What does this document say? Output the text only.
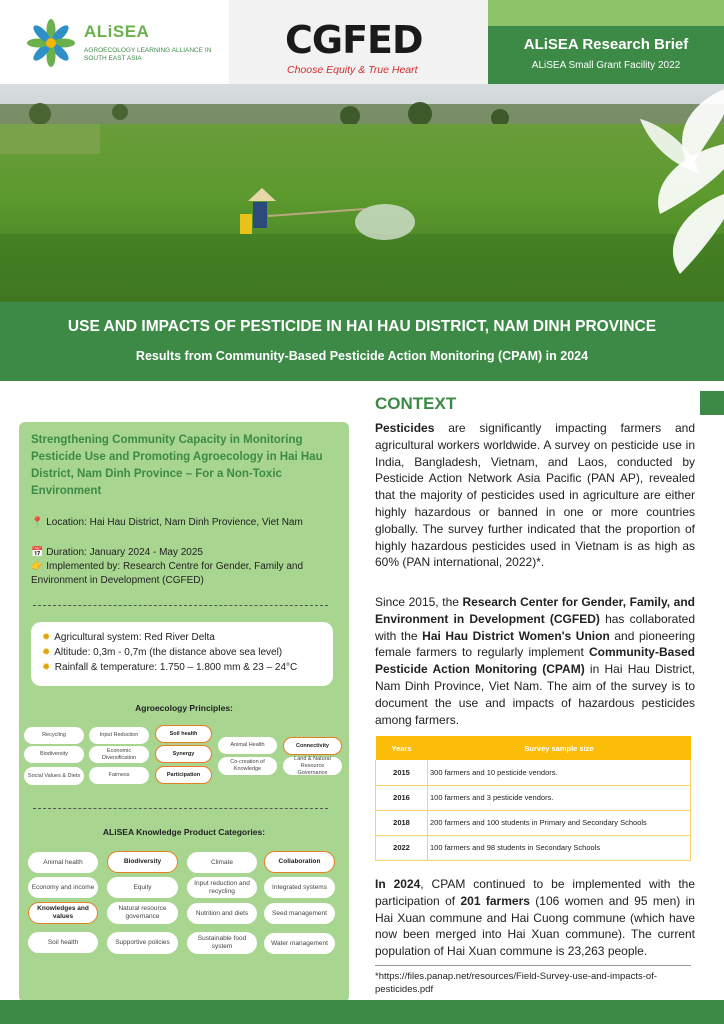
ALiSEA
AGROECOLOGY LEARNING ALLIANCE IN SOUTH EAST ASIA	CGFED
Choose Equity & True Heart
ALiSEA Research Brief
ALiSEA Small Grant Facility 2022
USE AND IMPACTS OF PESTICIDE IN HAI HAU DISTRICT, NAM DINH PROVINCE
Results from Community-Based Pesticide Action Monitoring (CPAM) in 2024
Strengthening Community Capacity in Monitoring Pesticide Use and Promoting Agroecology in Hai Hau District, Nam Dinh Province – For a Non-Toxic Environment
📍 Location: Hai Hau District, Nam Dinh Provience, Viet Nam
📅 Duration: January 2024 - May 2025
👉 Implemented by: Research Centre for Gender, Family and Environment in Development (CGFED)
✹ Agricultural system: Red River Delta
✹ Altitude: 0,3m - 0,7m (the distance above sea level)
✹ Rainfall & temperature: 1.750 – 1.800 mm & 23 – 24°C
Agroecology Principles:
Recycling	Input Reduction	Soil health
Animal Health	Connectivity
Biodiversity
Economic Diversification
Synergy
Co-creation of Knowledge
Land & Natural Resource Governance
Social Values & Diets	Fairness	Participation
ALiSEA Knowledge Product Categories:
Animal health	Biodiversity	Climate	Collaboration
Economy and income	Equity
Input reduction and recycling
Integrated systems
Knowledges and values
Natural resource governance	Nutrition and diets	Seed management
Soil health	Supportive policies
Sustainable food system	Water management
CONTEXT
Pesticides are significantly impacting farmers and agricultural workers worldwide. A survey on pesticide use in India, Bangladesh, Vietnam, and Laos, conducted by Pesticide Action Network Asia Pacific (PAN AP), revealed that the majority of pesticides used in agriculture are either highly hazardous or banned in one or more countries globally. The survey further indicated that the proportion of highly hazardous pesticides used in Vietnam is as high as 60% (PAN international, 2022)*.
Since 2015, the Research Center for Gender, Family, and Environment in Development (CGFED) has collaborated with the Hai Hau District Women's Union and pioneering female farmers to regularly implement Community-Based Pesticide Action Monitoring (CPAM) in Hai Hau District, Nam Dinh Province, Viet Nam. The aim of the survey is to document the use and impacts of hazardous pesticides among farmers.
Years	Survey sample size
2015	300 farmers and 10 pesticide vendors.
2016	100 farmers and 3 pesticide vendors.
2018	200 farmers and 100 students in Primary and Secondary Schools
2022	100 farmers and 98 students in Secondary Schools
In 2024, CPAM continued to be implemented with the participation of 201 farmers (106 women and 95 men) in Hai Xuan commune and Hai Cuong commune (which have now been merged into Hai Xuan commune). The current population of Hai Xuan commune is 23,263 people.
*https://files.panap.net/resources/Field-Survey-use-and-impacts-of-pesticides.pdf
